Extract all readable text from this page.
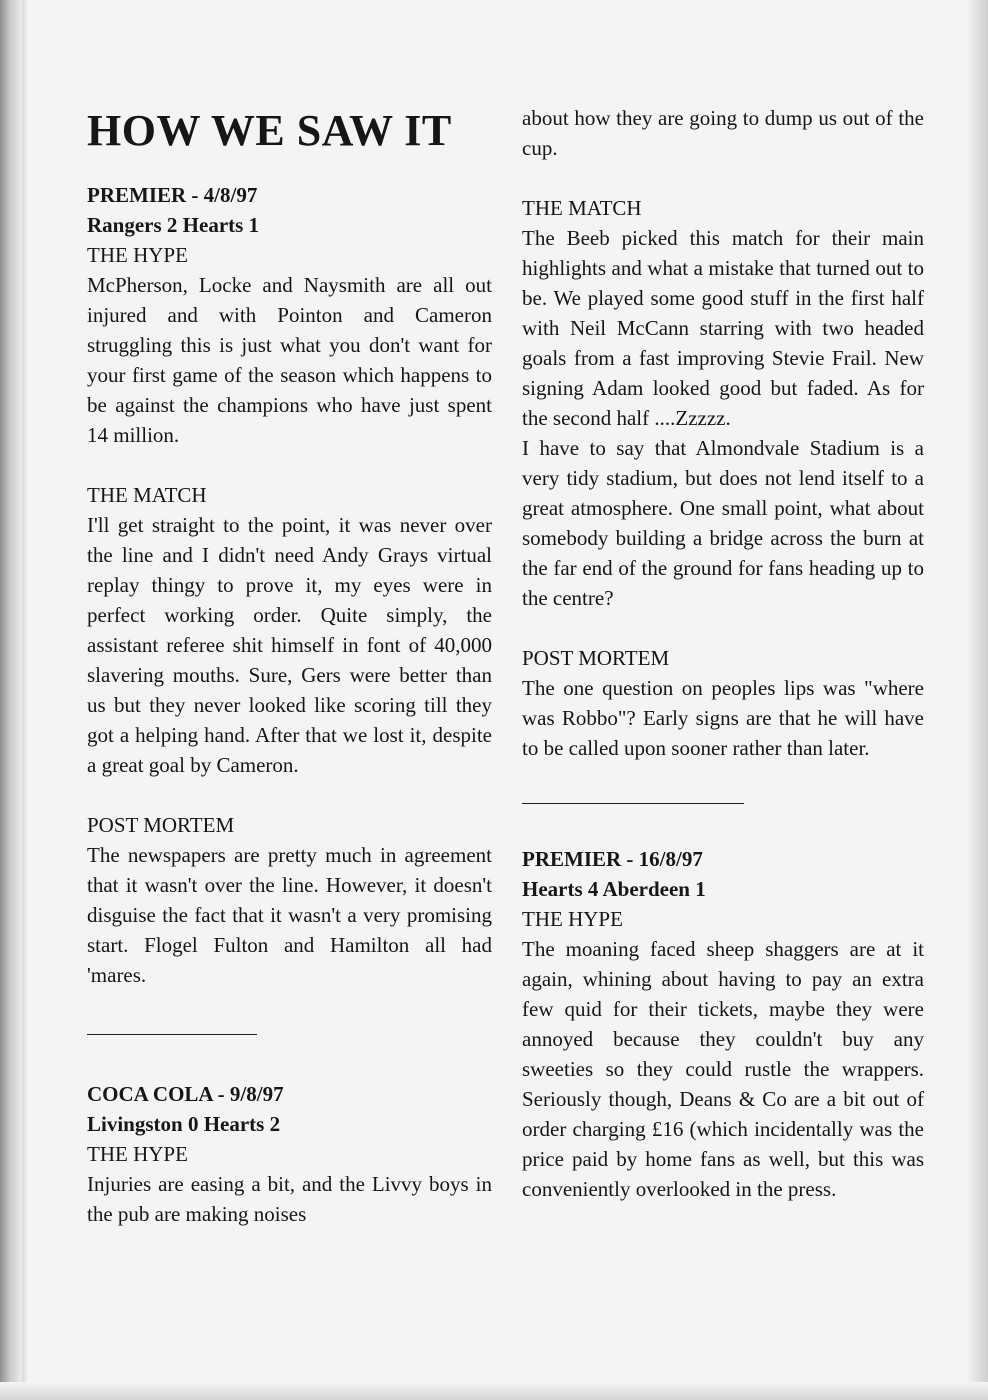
HOW WE SAW IT
PREMIER - 4/8/97
Rangers 2 Hearts 1
THE HYPE

McPherson, Locke and Naysmith are all out injured and with Pointon and Cameron struggling this is just what you don't want for your first game of the season which happens to be against the champions who have just spent 14 million.

THE MATCH

I'll get straight to the point, it was never over the line and I didn't need Andy Grays virtual replay thingy to prove it, my eyes were in perfect working order. Quite simply, the assistant referee shit himself in font of 40,000 slavering mouths. Sure, Gers were better than us but they never looked like scoring till they got a helping hand. After that we lost it, despite a great goal by Cameron.

POST MORTEM

The newspapers are pretty much in agreement that it wasn't over the line. However, it doesn't disguise the fact that it wasn't a very promising start. Flogel Fulton and Hamilton all had 'mares.

COCA COLA - 9/8/97
Livingston 0 Hearts 2
THE HYPE

Injuries are easing a bit, and the Livvy boys in the pub are making noises

about how they are going to dump us out of the cup.

THE MATCH

The Beeb picked this match for their main highlights and what a mistake that turned out to be. We played some good stuff in the first half with Neil McCann starring with two headed goals from a fast improving Stevie Frail. New signing Adam looked good but faded. As for the second half ....Zzzzz.

I have to say that Almondvale Stadium is a very tidy stadium, but does not lend itself to a great atmosphere. One small point, what about somebody building a bridge across the burn at the far end of the ground for fans heading up to the centre?

POST MORTEM

The one question on peoples lips was "where was Robbo"? Early signs are that he will have to be called upon sooner rather than later.

PREMIER - 16/8/97
Hearts 4 Aberdeen 1
THE HYPE

The moaning faced sheep shaggers are at it again, whining about having to pay an extra few quid for their tickets, maybe they were annoyed because they couldn't buy any sweeties so they could rustle the wrappers. Seriously though, Deans & Co are a bit out of order charging £16 (which incidentally was the price paid by home fans as well, but this was conveniently overlooked in the press.
